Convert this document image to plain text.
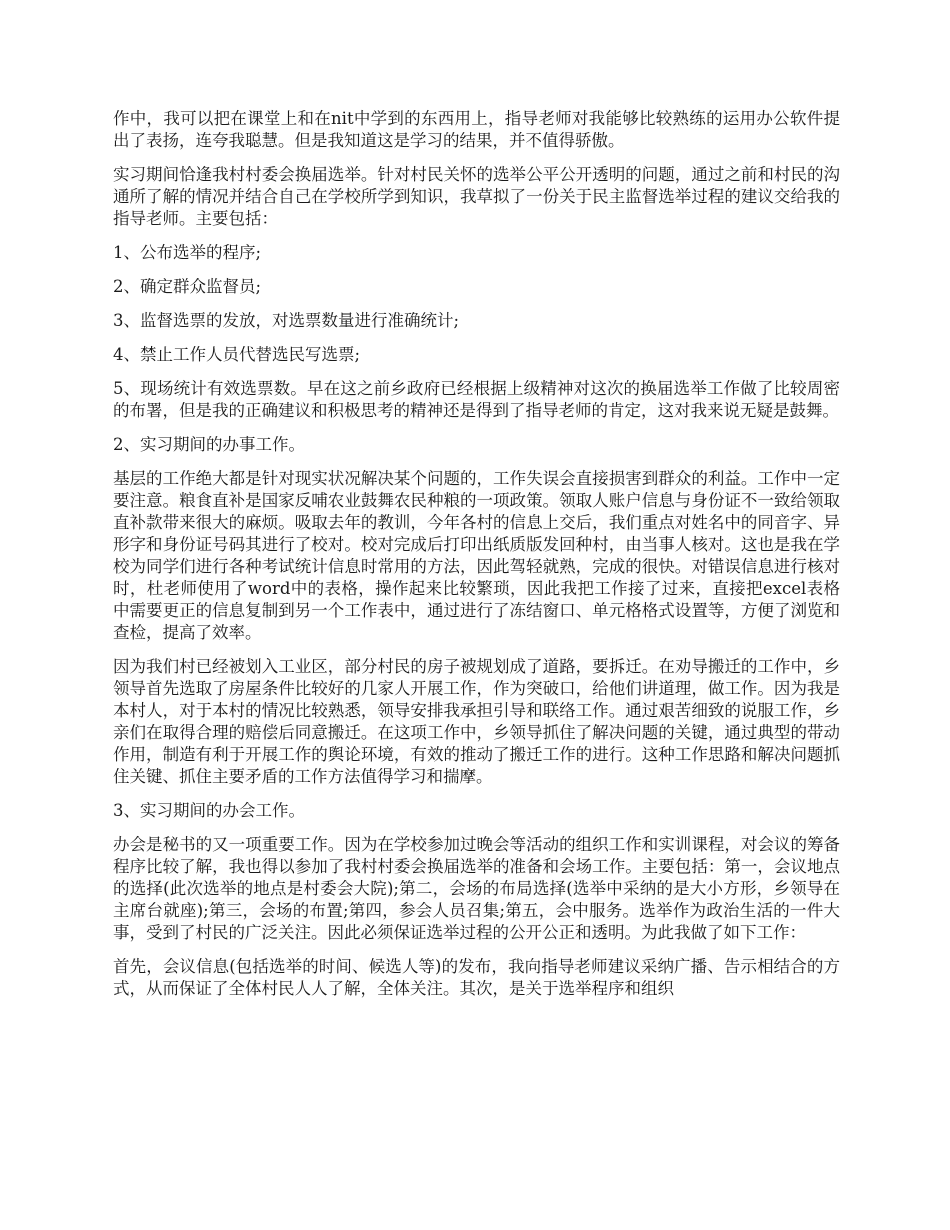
作中，我可以把在课堂上和在nit中学到的东西用上，指导老师对我能够比较熟练的运用办公软件提出了表扬，连夸我聪慧。但是我知道这是学习的结果，并不值得骄傲。

实习期间恰逢我村村委会换届选举。针对村民关怀的选举公平公开透明的问题，通过之前和村民的沟通所了解的情况并结合自己在学校所学到知识，我草拟了一份关于民主监督选举过程的建议交给我的指导老师。主要包括：

1、公布选举的程序;

2、确定群众监督员;

3、监督选票的发放，对选票数量进行准确统计;

4、禁止工作人员代替选民写选票;

5、现场统计有效选票数。早在这之前乡政府已经根据上级精神对这次的换届选举工作做了比较周密的布署，但是我的正确建议和积极思考的精神还是得到了指导老师的肯定，这对我来说无疑是鼓舞。

2、实习期间的办事工作。

基层的工作绝大都是针对现实状况解决某个问题的，工作失误会直接损害到群众的利益。工作中一定要注意。粮食直补是国家反哺农业鼓舞农民种粮的一项政策。领取人账户信息与身份证不一致给领取直补款带来很大的麻烦。吸取去年的教训，今年各村的信息上交后，我们重点对姓名中的同音字、异形字和身份证号码其进行了校对。校对完成后打印出纸质版发回种村，由当事人核对。这也是我在学校为同学们进行各种考试统计信息时常用的方法，因此驾轻就熟，完成的很快。对错误信息进行核对时，杜老师使用了word中的表格，操作起来比较繁琐，因此我把工作接了过来，直接把excel表格中需要更正的信息复制到另一个工作表中，通过进行了冻结窗口、单元格格式设置等，方便了浏览和查检，提高了效率。

因为我们村已经被划入工业区，部分村民的房子被规划成了道路，要拆迁。在劝导搬迁的工作中，乡领导首先选取了房屋条件比较好的几家人开展工作，作为突破口，给他们讲道理，做工作。因为我是本村人，对于本村的情况比较熟悉，领导安排我承担引导和联络工作。通过艰苦细致的说服工作，乡亲们在取得合理的赔偿后同意搬迁。在这项工作中，乡领导抓住了解决问题的关键，通过典型的带动作用，制造有利于开展工作的舆论环境，有效的推动了搬迁工作的进行。这种工作思路和解决问题抓住关键、抓住主要矛盾的工作方法值得学习和揣摩。

3、实习期间的办会工作。

办会是秘书的又一项重要工作。因为在学校参加过晚会等活动的组织工作和实训课程，对会议的筹备程序比较了解，我也得以参加了我村村委会换届选举的准备和会场工作。主要包括：第一，会议地点的选择(此次选举的地点是村委会大院);第二，会场的布局选择(选举中采纳的是大小方形，乡领导在主席台就座);第三，会场的布置;第四，参会人员召集;第五，会中服务。选举作为政治生活的一件大事，受到了村民的广泛关注。因此必须保证选举过程的公开公正和透明。为此我做了如下工作：

首先，会议信息(包括选举的时间、候选人等)的发布，我向指导老师建议采纳广播、告示相结合的方式，从而保证了全体村民人人了解，全体关注。其次，是关于选举程序和组织
